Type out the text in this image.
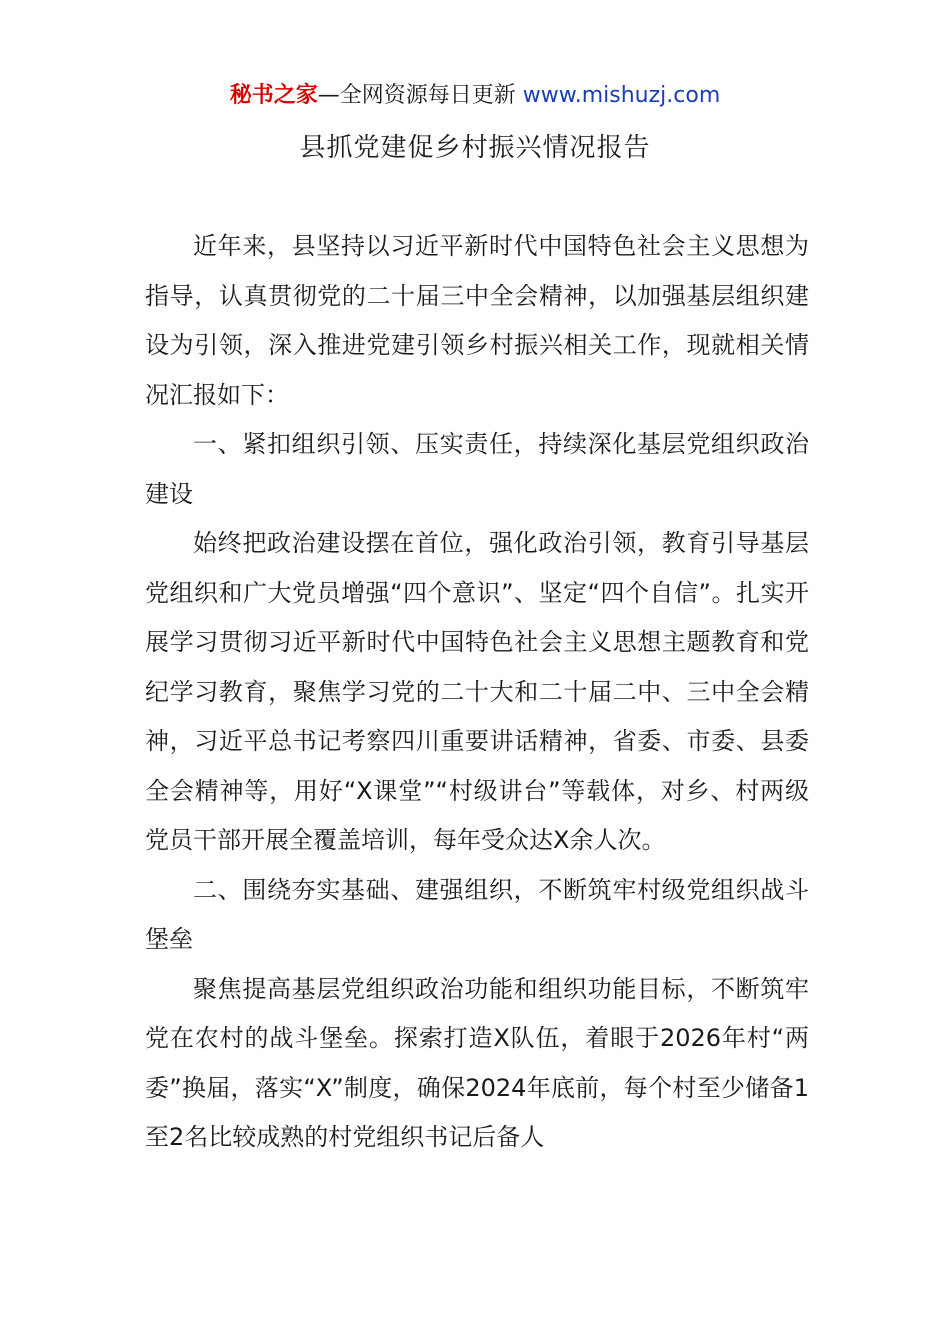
秘书之家—全网资源每日更新 www.mishuzj.com
县抓党建促乡村振兴情况报告

近年来，县坚持以习近平新时代中国特色社会主义思想为指导，认真贯彻党的二十届三中全会精神，以加强基层组织建设为引领，深入推进党建引领乡村振兴相关工作，现就相关情况汇报如下：

一、紧扣组织引领、压实责任，持续深化基层党组织政治建设

始终把政治建设摆在首位，强化政治引领，教育引导基层党组织和广大党员增强“四个意识”、坚定“四个自信”。扎实开展学习贯彻习近平新时代中国特色社会主义思想主题教育和党纪学习教育，聚焦学习党的二十大和二十届二中、三中全会精神，习近平总书记考察四川重要讲话精神，省委、市委、县委全会精神等，用好“X课堂”“村级讲台”等载体，对乡、村两级党员干部开展全覆盖培训，每年受众达X余人次。

二、围绕夯实基础、建强组织，不断筑牢村级党组织战斗堡垒

聚焦提高基层党组织政治功能和组织功能目标，不断筑牢党在农村的战斗堡垒。探索打造X队伍，着眼于2026年村“两委”换届，落实“X”制度，确保2024年底前，每个村至少储备1至2名比较成熟的村党组织书记后备人
